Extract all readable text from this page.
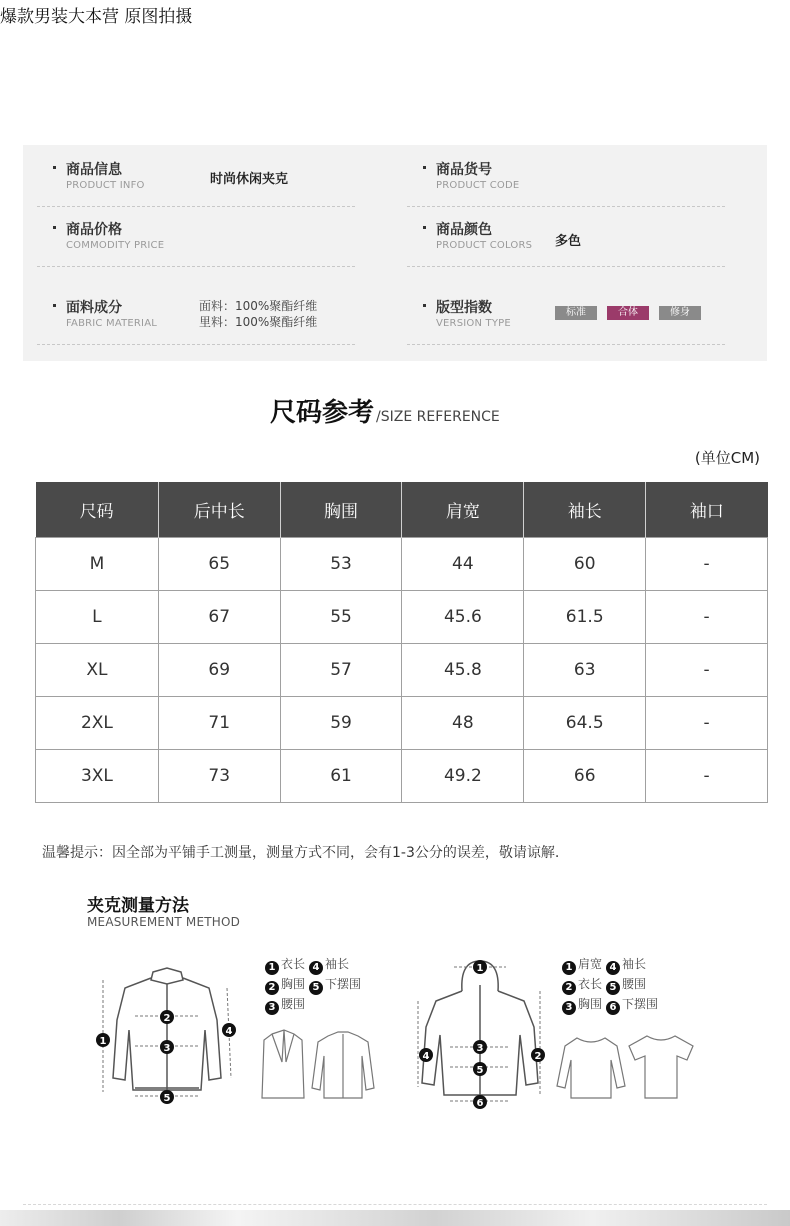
爆款男装大本营 原图拍摄
商品信息
PRODUCT INFO	时尚休闲夹克
商品货号
PRODUCT CODE
商品价格
COMMODITY PRICE
商品颜色
PRODUCT COLORS 多色
面料成分
FABRIC MATERIAL
面料：100%聚酯纤维
里料：100%聚酯纤维
版型指数
VERSION TYPE
标准	合体	修身
尺码参考 /SIZE REFERENCE
(单位CM)
尺码	后中长	胸围	肩宽	袖长	袖口
M	65	53	44	60	-
L	67	55	45.6	61.5	-
XL	69	57	45.8	63	-
2XL	71	59	48	64.5	-
3XL	73	61	49.2	66	-
温馨提示：因全部为平铺手工测量，测量方式不同，会有1-3公分的误差，敬请谅解.
夹克测量方法
MEASUREMENT METHOD
1 衣长 4 袖长
2 胸围 5 下摆围
3 腰围
1 肩宽 4 袖长
2 衣长 5 腰围
3 胸围 6 下摆围
1
2
3
4
5
1
2
3
4
5
6
